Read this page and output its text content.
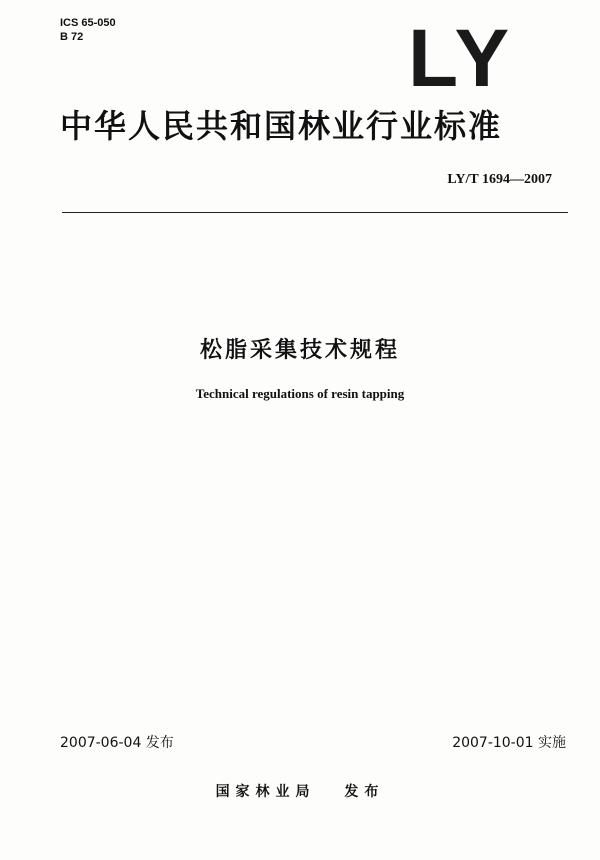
ICS 65-050
B 72	LY
中华人民共和国林业行业标准
LY/T 1694—2007
松脂采集技术规程
Technical regulations of resin tapping
2007-06-04 发布	2007-10-01 实施
国家林业局 发布
